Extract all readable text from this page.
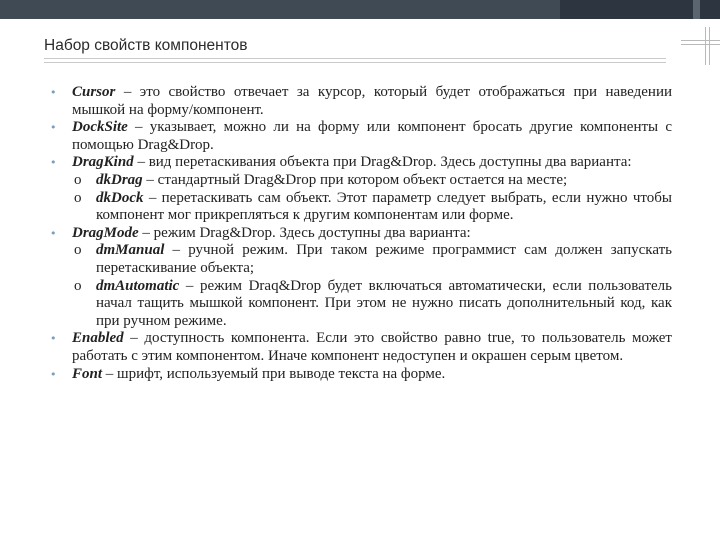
Набор свойств компонентов
• Cursor – это свойство отвечает за курсор, который будет отображаться при наведении мышкой на форму/компонент.
• DockSite – указывает, можно ли на форму или компонент бросать другие компоненты с помощью Drag&Drop.
• DragKind – вид перетаскивания объекта при Drag&Drop. Здесь доступны два варианта:
o dkDrag – стандартный Drag&Drop при котором объект остается на месте;
o dkDock – перетаскивать сам объект. Этот параметр следует выбрать, если нужно чтобы компонент мог прикрепляться к другим компонентам или форме.
• DragMode – режим Drag&Drop. Здесь доступны два варианта:
o dmManual – ручной режим. При таком режиме программист сам должен запускать перетаскивание объекта;
o dmAutomatic – режим Draq&Drop будет включаться автоматически, если пользователь начал тащить мышкой компонент. При этом не нужно писать дополнительный код, как при ручном режиме.
• Enabled – доступность компонента. Если это свойство равно true, то пользователь может работать с этим компонентом. Иначе компонент недоступен и окрашен серым цветом.
• Font – шрифт, используемый при выводе текста на форме.
